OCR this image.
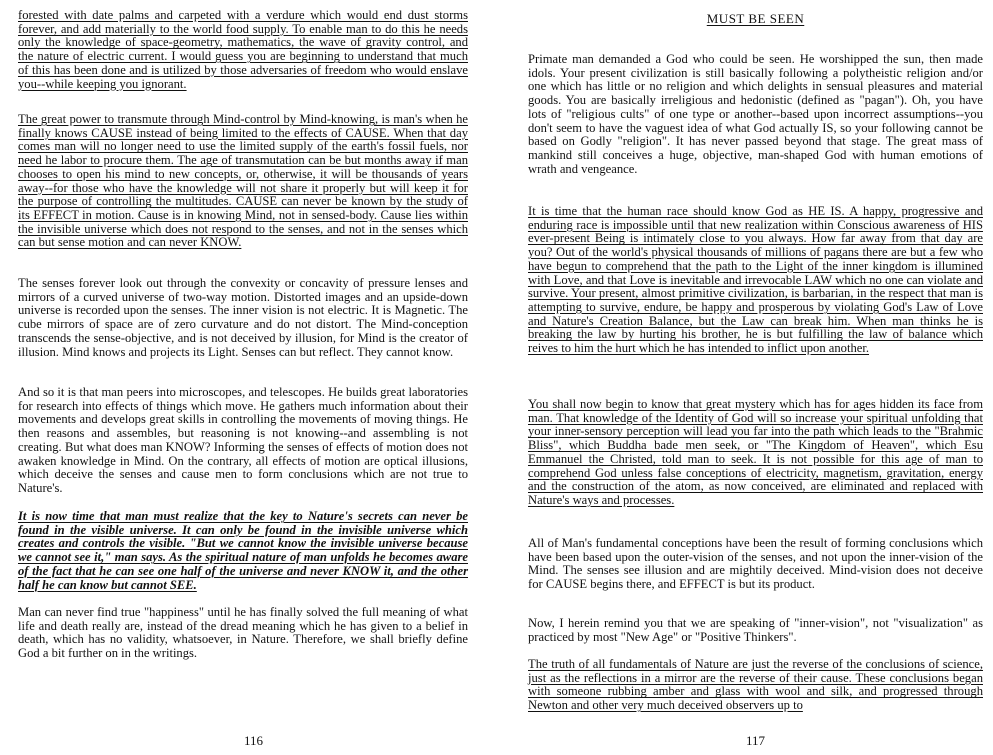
forested with date palms and carpeted with a verdure which would end dust storms forever, and add materially to the world food supply. To enable man to do this he needs only the knowledge of space-geometry, mathematics, the wave of gravity control, and the nature of electric current. I would guess you are beginning to understand that much of this has been done and is utilized by those adversaries of freedom who would enslave you--while keeping you ignorant.

The great power to transmute through Mind-control by Mind-knowing, is man's when he finally knows CAUSE instead of being limited to the effects of CAUSE. When that day comes man will no longer need to use the limited supply of the earth's fossil fuels, nor need he labor to procure them. The age of transmutation can be but months away if man chooses to open his mind to new concepts, or, otherwise, it will be thousands of years away--for those who have the knowledge will not share it properly but will keep it for the purpose of controlling the multitudes. CAUSE can never be known by the study of its EFFECT in motion. Cause is in knowing Mind, not in sensed-body. Cause lies within the invisible universe which does not respond to the senses, and not in the senses which can but sense motion and can never KNOW.

The senses forever look out through the convexity or concavity of pressure lenses and mirrors of a curved universe of two-way motion. Distorted images and an upside-down universe is recorded upon the senses. The inner vision is not electric. It is Magnetic. The cube mirrors of space are of zero curvature and do not distort. The Mind-conception transcends the sense-objective, and is not deceived by illusion, for Mind is the creator of illusion. Mind knows and projects its Light. Senses can but reflect. They cannot know.

And so it is that man peers into microscopes, and telescopes. He builds great laboratories for research into effects of things which move. He gathers much information about their movements and develops great skills in controlling the movements of moving things. He then reasons and assembles, but reasoning is not knowing--and assembling is not creating. But what does man KNOW? Informing the senses of effects of motion does not awaken knowledge in Mind. On the contrary, all effects of motion are optical illusions, which deceive the senses and cause men to form conclusions which are not true to Nature's.

It is now time that man must realize that the key to Nature's secrets can never be found in the visible universe. It can only be found in the invisible universe which creates and controls the visible. "But we cannot know the invisible universe because we cannot see it," man says. As the spiritual nature of man unfolds he becomes aware of the fact that he can see one half of the universe and never KNOW it, and the other half he can know but cannot SEE.

Man can never find true "happiness" until he has finally solved the full meaning of what life and death really are, instead of the dread meaning which he has given to a belief in death, which has no validity, whatsoever, in Nature. Therefore, we shall briefly define God a bit further on in the writings.

116
MUST BE SEEN

Primate man demanded a God who could be seen. He worshipped the sun, then made idols. Your present civilization is still basically following a polytheistic religion and/or one which has little or no religion and which delights in sensual pleasures and material goods. You are basically irreligious and hedonistic (defined as "pagan"). Oh, you have lots of "religious cults" of one type or another--based upon incorrect assumptions--you don't seem to have the vaguest idea of what God actually IS, so your following cannot be based on Godly "religion". It has never passed beyond that stage. The great mass of mankind still conceives a huge, objective, man-shaped God with human emotions of wrath and vengeance.

It is time that the human race should know God as HE IS. A happy, progressive and enduring race is impossible until that new realization within Conscious awareness of HIS ever-present Being is intimately close to you always. How far away from that day are you? Out of the world's physical thousands of millions of pagans there are but a few who have begun to comprehend that the path to the Light of the inner kingdom is illumined with Love, and that Love is inevitable and irrevocable LAW which no one can violate and survive. Your present, almost primitive civilization, is barbarian, in the respect that man is attempting to survive, endure, be happy and prosperous by violating God's Law of Love and Nature's Creation Balance, but the Law can break him. When man thinks he is breaking the law by hurting his brother, he is but fulfilling the law of balance which reives to him the hurt which he has intended to inflict upon another.

You shall now begin to know that great mystery which has for ages hidden its face from man. That knowledge of the Identity of God will so increase your spiritual unfolding that your inner-sensory perception will lead you far into the path which leads to the "Brahmic Bliss", which Buddha bade men seek, or "The Kingdom of Heaven", which Esu Emmanuel the Christed, told man to seek. It is not possible for this age of man to comprehend God unless false conceptions of electricity, magnetism, gravitation, energy and the construction of the atom, as now conceived, are eliminated and replaced with Nature's ways and processes.

All of Man's fundamental conceptions have been the result of forming conclusions which have been based upon the outer-vision of the senses, and not upon the inner-vision of the Mind. The senses see illusion and are mightily deceived. Mind-vision does not deceive for CAUSE begins there, and EFFECT is but its product.

Now, I herein remind you that we are speaking of "inner-vision", not "visualization" as practiced by most "New Age" or "Positive Thinkers".

The truth of all fundamentals of Nature are just the reverse of the conclusions of science, just as the reflections in a mirror are the reverse of their cause. These conclusions began with someone rubbing amber and glass with wool and silk, and progressed through Newton and other very much deceived observers up to

117
